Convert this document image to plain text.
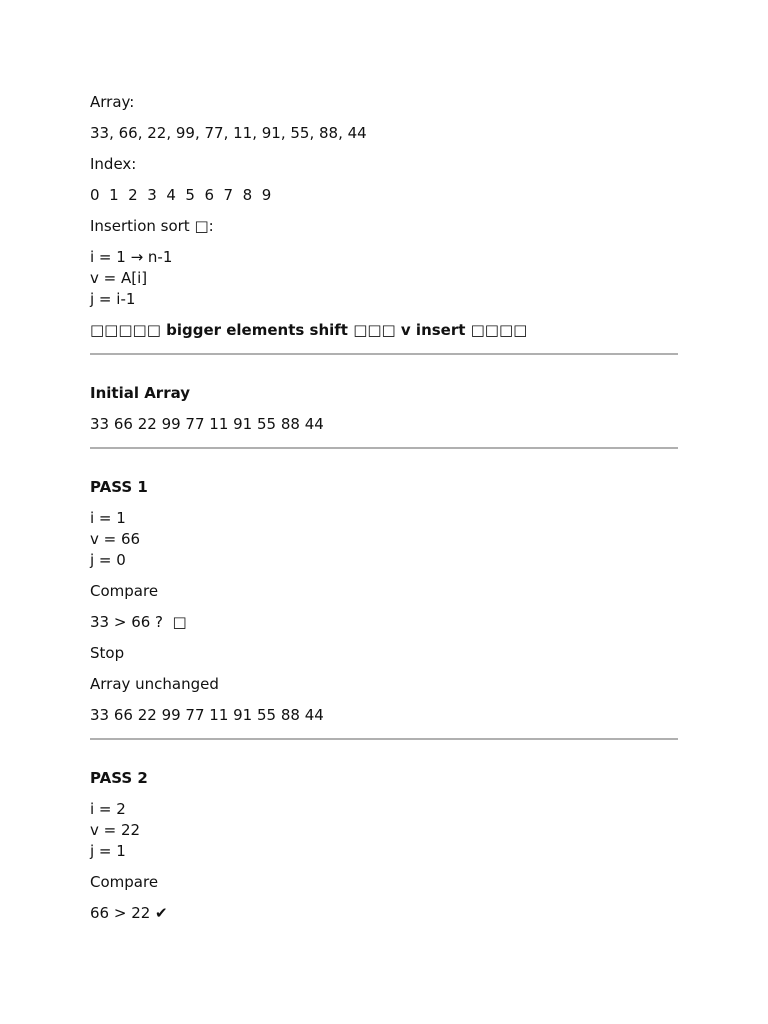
Array:
33, 66, 22, 99, 77, 11, 91, 55, 88, 44
Index:
0  1  2  3  4  5  6  7  8  9
Insertion sort □:
i = 1 → n-1
v = A[i]
j = i-1
□□□□□ bigger elements shift □□□ v insert □□□□
Initial Array
33 66 22 99 77 11 91 55 88 44
PASS 1
i = 1
v = 66
j = 0
Compare
33 > 66 ?  □
Stop
Array unchanged
33 66 22 99 77 11 91 55 88 44
PASS 2
i = 2
v = 22
j = 1
Compare
66 > 22 ✔
